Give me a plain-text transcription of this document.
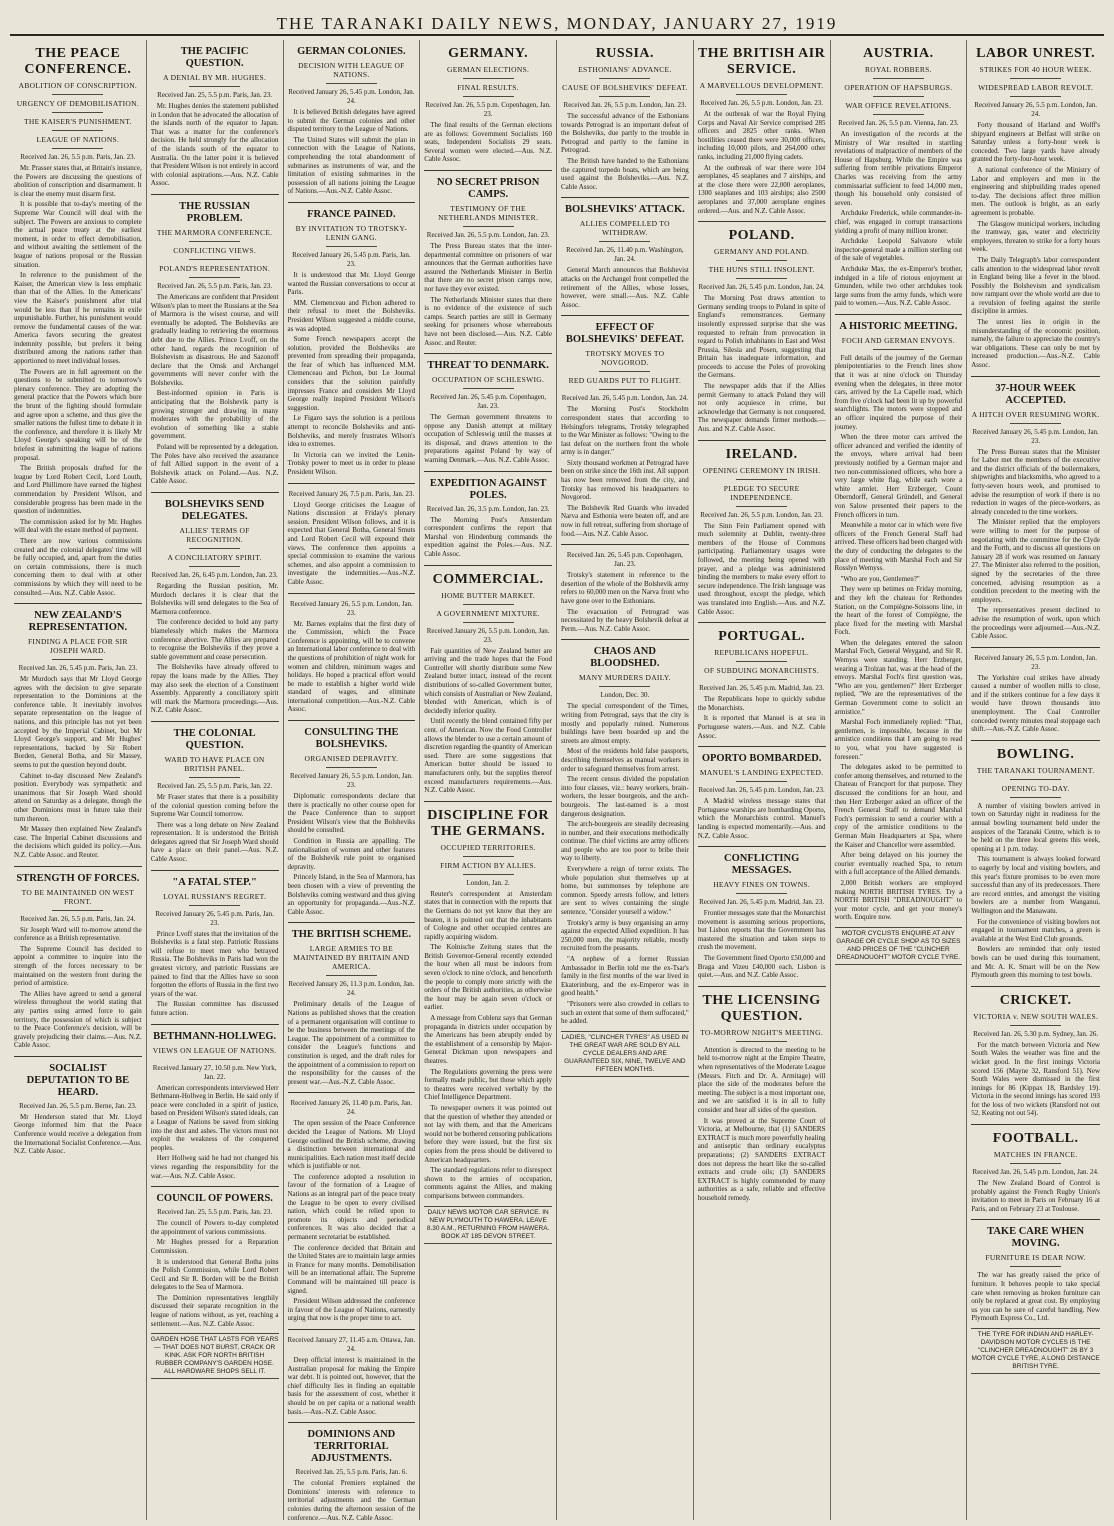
THE TARANAKI DAILY NEWS, MONDAY, JANUARY 27, 1919
THE PEACE CONFERENCE.
ABOLITION OF CONSCRIPTION.
URGENCY OF DEMOBILISATION.
THE KAISER'S PUNISHMENT.
LEAGUE OF NATIONS.
Received Jan. 26, 5.5 p.m. Paris, Jan. 23.

Mr. Prasser states that, at Britain's instance, the Powers are discussing the questions of abolition of conscription and disarmament. It is clear the enemy must disarm first.

It is possible that to-day's meeting of the Supreme War Council will deal with the subject. The Powers are anxious to complete the actual peace treaty at the earliest moment, in order to effect demobilisation, and without awaiting the settlement of the league of nations proposal or the Russian situation.

In reference to the punishment of the Kaiser, the American view is less emphatic than that of the Allies. In the Americans' view the Kaiser's punishment after trial would be less than if he remains in exile unpunishable. Further, his punishment would remove the fundamental causes of the war. America favors securing the greatest indemnity possible, but prefers it being distributed among the nations rather than apportioned to meet individual losses.

The Powers are in full agreement on the questions to be submitted to tomorrow's plenary conference. They are adopting the general practice that the Powers which bore the brunt of the fighting should formulate and agree upon a scheme, and thus give the smaller nations the fullest time to debate it in the conference, and therefore it is likely Mr Lloyd George's speaking will be of the briefest in submitting the league of nations proposal.

The British proposals drafted for the league by Lord Robert Cecil, Lord Louth, and Lord Phillimore have earned the highest commendation by President Wilson, and considerable progress has been made in the question of indemnities.

The commission asked for by Mr. Hughes will deal with the estate method of payment.

There are now various commissions created and the colonial delegates' time will be fully occupied, and, apart from the duties on certain commissions, there is much concerning them to deal with at other commissions by which they will need to be consulted.—Aus. N.Z. Cable Assoc.

NEW ZEALAND'S REPRESENTATION.
FINDING A PLACE FOR SIR JOSEPH WARD.
Received Jan. 26, 5.45 p.m. Paris, Jan. 23.

Mr Murdoch says that Mr Lloyd George agrees with the decision to give separate representation to the Dominions at the conference table. It inevitably involves separate representation on the league of nations, and this principle has not yet been accepted by the Imperial Cabinet, but Mr Lloyd George's support, and Mr Hughes' representations, backed by Sir Robert Borden, General Botha, and Sir Massey, seems to put the question beyond doubt.

Cabinet to-day discussed New Zealand's position. Everybody was sympathetic and unanimous that Sir Joseph Ward should attend on Saturday as a delegate, though the other Dominions must in future take their turn thereon.

Mr Massey then explained New Zealand's case. The Imperial Cabinet discussions and the decisions which guided its policy.—Aus. N.Z. Cable Assoc. and Reuter.

STRENGTH OF FORCES.
TO BE MAINTAINED ON WEST FRONT.
Received Jan. 26, 5.5 p.m. Paris, Jan. 24.

Sir Joseph Ward will to-morrow attend the conference as a British representative.

The Supreme Council has decided to appoint a committee to inquire into the strength of the forces necessary to be maintained on the western front during the period of armistice.

The Allies have agreed to send a general wireless throughout the world stating that any parties using armed force to gain territory, the possession of which is subject to the Peace Conference's decision, will be gravely prejudicing their claims.—Aus. N.Z. Cable Assoc.

SOCIALIST DEPUTATION TO BE HEARD.
Received Jan. 26, 5.5 p.m. Berne, Jan. 23.

Mr Henderson stated that Mr. Lloyd George informed him that the Peace Conference would receive a delegation from the International Socialist Conference.—Aus. N.Z. Cable Assoc.

THE PACIFIC QUESTION.
A DENIAL BY MR. HUGHES.
Received Jan. 25, 5.5 p.m. Paris, Jan. 23.

Mr. Hughes denies the statement published in London that he advocated the allocation of the islands north of the equator to Japan. That was a matter for the conference's decision. He held strongly for the allocation of the islands south of the equator to Australia. On the latter point it is believed that President Wilson is not entirely in accord with colonial aspirations.—Aus. N.Z. Cable Assoc.

THE RUSSIAN PROBLEM.
THE MARMORA CONFERENCE.
CONFLICTING VIEWS.
POLAND'S REPRESENTATION.
Received Jan. 26, 5.5 p.m. Paris, Jan. 23.

The Americans are confident that President Wilson's plan to meet the Russians at the Sea of Marmora is the wisest course, and will eventually be adopted. The Bolsheviks are gradually leading to retrieving the enormous debt due to the Allies. Prince Lvoff, on the other hand, regards the recognition of Bolshevism as disastrous. He and Sazonoff declare that the Omsk and Archangel governments will never confer with the Bolsheviks.

Best-informed opinion in Paris is anticipating that the Bolshevik party is growing stronger and drawing in many moderates with the probability of the evolution of something like a stable government.

Poland will be represented by a delegation. The Poles have also received the assurance of full Allied support in the event of a Bolshevik attack on Poland.—Aus. N.Z. Cable Assoc.

BOLSHEVIKS SEND DELEGATES.
ALLIES' TERMS OF RECOGNITION.
A CONCILIATORY SPIRIT.
Received Jan. 26, 6.45 p.m. London, Jan. 23.

Regarding the Russian position, Mr. Murdoch declares it is clear that the Bolsheviks will send delegates to the Sea of Marmora conference.

The conference decided to hold any party blamelessly which makes the Marmora conference abortive. The Allies are prepared to recognise the Bolsheviks if they prove a stable government and cease persecution.

The Bolsheviks have already offered to repay the loans made by the Allies. They may also seek the election of a Constituent Assembly. Apparently a conciliatory spirit will mark the Marmora proceedings.—Aus. N.Z. Cable Assoc.

THE COLONIAL QUESTION.
WARD TO HAVE PLACE ON BRITISH PANEL.
Received Jan. 25, 5.5 p.m. Paris, Jan. 22.

Mr Fraser states that there is a possibility of the colonial question coming before the Supreme War Council tomorrow.

There was a long debate on New Zealand representation. It is understood the British delegates agreed that Sir Joseph Ward should have a place on their panel.—Aus. N.Z. Cable Assoc.

"A FATAL STEP."
LOYAL RUSSIAN'S REGRET.
Received January 26, 5.45 p.m. Paris, Jan. 23.

Prince Lvoff states that the invitation of the Bolsheviks is a fatal step. Patriotic Russians will refuse to meet men who betrayed Russia. The Bolsheviks in Paris had won the greatest victory, and patriotic Russians are pained to find that the Allies have so soon forgotten the efforts of Russia in the first two years of the war.

The Russian committee has discussed future action.

BETHMANN-HOLLWEG.
VIEWS ON LEAGUE OF NATIONS.
Received January 27, 10.50 p.m. New York, Jan. 22.

American correspondents interviewed Herr Bethmann-Hollweg in Berlin. He said only if peace were concluded in a spirit of justice, based on President Wilson's stated ideals, can a League of Nations be saved from sinking into the dust and ashes. The victors must not exploit the weakness of the conquered peoples.

Herr Hollweg said he had not changed his views regarding the responsibility for the war.—Aus. N.Z. Cable Assoc.

COUNCIL OF POWERS.
Received Jan. 25, 5.5 p.m. Paris, Jan. 23.

The council of Powers to-day completed the appointment of various commissions.

Mr Hughes pressed for a Reparation Commission.

It is understood that General Botha joins the Polish Commission, while Lord Robert Cecil and Sir R. Borden will be the British delegates to the Sea of Marmora.

The Dominion representatives lengthily discussed their separate recognition in the league of nations without, as yet, reaching a settlement.—Aus. N.Z. Cable Assoc.

GARDEN HOSE THAT LASTS FOR YEARS — THAT DOES NOT BURST, CRACK OR KINK. ASK FOR NORTH BRITISH RUBBER COMPANY'S GARDEN HOSE. ALL HARDWARE SHOPS SELL IT.
GERMAN COLONIES.
DECISION WITH LEAGUE OF NATIONS.
Received January 26, 5.45 p.m. London, Jan. 24.

It is believed British delegates have agreed to submit the German colonies and other disputed territory to the League of Nations.

The United States will submit the plan in connection with the League of Nations, comprehending the total abandonment of submarines as instruments of war, and the limitation of existing submarines in the possession of all nations joining the League of Nations.—Aus.-N.Z. Cable Assoc.

FRANCE PAINED.
BY INVITATION TO TROTSKY-LENIN GANG.
Received January 26, 5.45 p.m. Paris, Jan. 23.

It is understood that Mr. Lloyd George wanted the Russian conversations to occur at Paris.

MM. Clemenceau and Pichon adhered to their refusal to meet the Bolsheviks. President Wilson suggested a middle course, as was adopted.

Some French newspapers accept the solution, provided the Bolsheviks are prevented from spreading their propaganda, the fear of which has influenced M.M. Clemenceau and Pichon, but Le Journal considers that the solution painfully impresses France and considers Mr Lloyd George really inspired President Wilson's suggestion.

Le Figaro says the solution is a perilous attempt to reconcile Bolsheviks and anti-Bolsheviks, and merely frustrates Wilson's idea to extremes.

In Victoria can we invited the Lenin-Trotsky power to meet us in order to please President Wilson.

Received January 26, 7.5 p.m. Paris, Jan. 23.

Lloyd George criticises the League of Nations discussion at Friday's plenary session. President Wilson follows, and it is expected that General Botha, General Smuts and Lord Robert Cecil will expound their views. The conference then appoints a special commission to examine the various schemes, and also appoint a commission to investigate the indemnities.—Aus.-N.Z. Cable Assoc.

Received January 26, 5.5 p.m. London, Jan. 23.

Mr. Barnes explains that the first duty of the Commission, which the Peace Conference is appointing, will be to convene an International labor conference to deal with the questions of prohibition of night work for women and children, minimum wages and holidays. He hoped a practical effort would be made to establish a higher world wide standard of wages, and eliminate international competition.—Aus.-N.Z. Cable Assoc.

CONSULTING THE BOLSHEVIKS.
ORGANISED DEPRAVITY.
Received January 26, 5.5 p.m. London, Jan. 23.

Diplomatic correspondents declare that there is practically no other course open for the Peace Conference than to support President Wilson's view that the Bolsheviks should be consulted.

Condition in Russia are appalling. The nationalisation of women and other features of the Bolshevik rule point to organised depravity.

Princely Island, in the Sea of Marmora, has been chosen with a view of preventing the Bolsheviks coming westward and thus giving an opportunity for propaganda.—Aus.-N.Z. Cable Assoc.

THE BRITISH SCHEME.
LARGE ARMIES TO BE MAINTAINED BY BRITAIN AND AMERICA.
Received January 26, 11.3 p.m. London, Jan. 24.

Preliminary details of the League of Nations as published shows that the creation of a permanent organisation will continue to be the business between the meetings of the League. The appointment of a committee to consider the League's functions and constitution is urged, and the draft rules for the appointment of a commission to report on the responsibility for the causes of the present war.—Aus.-N.Z. Cable Assoc.

Received January 26, 11.40 p.m. Paris, Jan. 24.

The open session of the Peace Conference decided the League of Nations. Mr Lloyd George outlined the British scheme, drawing a distinction between international and municipalities. Each nation must itself decide which is justifiable or not.

The conference adopted a resolution in favour of the formation of a League of Nations as an integral part of the peace treaty the League to be open to every civilised nation, which could be relied upon to promote its objects and periodical conferences. It was also decided that a permanent secretariat be established.

The conference decided that Britain and the United States are to maintain large armies in France for many months. Demobilisation will be an international affair. The Supreme Command will be maintained till peace is signed.

President Wilson addressed the conference in favour of the League of Nations, earnestly urging that now is the proper time to act.

Received January 27, 11.45 a.m. Ottawa, Jan. 24.

Deep official interest is maintained in the Australian proposal for making the Empire war debt. It is pointed out, however, that the chief difficulty lies in finding an equitable basis for the assessment of cost, whether it should be on per capita or a national wealth basis.—Aus.-N.Z. Cable Assoc.

DOMINIONS AND TERRITORIAL ADJUSTMENTS.
Received Jan. 25, 5.5 p.m. Paris, Jan. 6.

The colonial Premiers explained the Dominions' interests with reference to territorial adjustments and the German colonies during the afternoon session of the conference.—Aus. N.Z. Cable Assoc.

GERMANY.
GERMAN ELECTIONS.
FINAL RESULTS.
Received Jan. 26, 5.5 p.m. Copenhagen, Jan. 23.

The final results of the German elections are as follows: Government Socialists 160 seats, Independent Socialists 29 seats. Several women were elected.—Aus. N.Z. Cable Assoc.

NO SECRET PRISON CAMPS.
TESTIMONY OF THE NETHERLANDS MINISTER.
Received Jan. 26, 5.5 p.m. London, Jan. 23.

The Press Bureau states that the inter-departmental committee on prisoners of war announces that the German authorities have assured the Netherlands Minister in Berlin that there are no secret prison camps now, nor have they ever existed.

The Netherlands Minister states that there is no evidence of the existence of such camps. Search parties are still in Germany seeking for prisoners whose whereabouts have not been disclosed.—Aus. N.Z. Cable Assoc. and Reuter.

THREAT TO DENMARK.
OCCUPATION OF SCHLESWIG.
Received Jan. 26, 5.45 p.m. Copenhagen, Jan. 23.

The German government threatens to oppose any Danish attempt at military occupation of Schleswig until the masses at its disposal, and draws attention to the preparations against Poland by way of warning Denmark.—Aus. N.Z. Cable Assoc.

EXPEDITION AGAINST POLES.
Received Jan. 26, 3.5 p.m. London, Jan. 23.

The Morning Post's Amsterdam correspondent confirms the report that Marshal von Hindenburg commands the expedition against the Poles.—Aus. N.Z. Cable Assoc.

COMMERCIAL.
HOME BUTTER MARKET.
A GOVERNMENT MIXTURE.
Received January 26, 5.5 p.m. London, Jan. 23.

Fair quantities of New Zealand butter are arriving and the trade hopes that the Food Controller will shortly distribute some New Zealand butter intact, instead of the recent distributions of so-called Government butter, which consists of Australian or New Zealand, blended with American, which is of decidedly inferior quality.

Until recently the blend contained fifty per cent. of American. Now the Food Controller allows the blender to use a certain amount of discretion regarding the quantity of American used. There are some suggestions that American butter should be issued to manufacturers only, but the supplies thereof exceed manufacturers requirements.—Aus. N.Z. Cable Assoc.

DISCIPLINE FOR THE GERMANS.
OCCUPIED TERRITORIES.
FIRM ACTION BY ALLIES.
London, Jan. 2.

Reuter's correspondent at Amsterdam states that in connection with the reports that the Germans do not yet know that they are beaten, it is pointed out that the inhabitants of Cologne and other occupied centres are rapidly acquiring wisdom.

The Kolnische Zeitung states that the British Governor-General recently extended the hour when all must be indoors from seven o'clock to nine o'clock, and henceforth the people to comply more strictly with the orders of the British authorities, as otherwise the hour may be again seven o'clock or earlier.

A message from Coblenz says that German propaganda in districts under occupation by the Americans has been abruptly ended by the establishment of a censorship by Major-General Dickman upon newspapers and theatres.

The Regulations governing the press were formally made public, but those which apply to theatres were received verbally by the Chief Intelligence Department.

To newspaper owners it was pointed out that the question of whether they attended or not lay with them, and that the Americans would not be bothered censoring publications before they were issued, but the first six copies from the press should be delivered to American headquarters.

The standard regulations refer to disrespect shown to the armies of occupation, comments against the Allies, and making comparisons between commanders.

DAILY NEWS MOTOR CAR SERVICE. IN NEW PLYMOUTH TO HAWERA. LEAVE 8.30 A.M., RETURNING FROM HAWERA. BOOK AT 185 DEVON STREET.
RUSSIA.
ESTHONIANS' ADVANCE.
CAUSE OF BOLSHEVIKS' DEFEAT.
Received Jan. 26, 5.5 p.m. London, Jan. 23.

The successful advance of the Esthonians towards Petrograd is an important defeat of the Bolsheviks, due partly to the trouble in Petrograd and partly to the famine in Petrograd.

The British have handed to the Esthonians the captured torpedo boats, which are being used against the Bolsheviks.—Aus. N.Z. Cable Assoc.

BOLSHEVIKS' ATTACK.
ALLIES COMPELLED TO WITHDRAW.
Received Jan. 26, 11.40 p.m. Washington, Jan. 24.

General March announces that Bolshevist attacks on the Archangel front compelled the retirement of the Allies, whose losses, however, were small.—Aus. N.Z. Cable Assoc.

EFFECT OF BOLSHEVIKS' DEFEAT.
TROTSKY MOVES TO NOVGOROD.
RED GUARDS PUT TO FLIGHT.
Received Jan. 26, 5.45 p.m. London, Jan. 24.

The Morning Post's Stockholm correspondent states that according to Helsingfors telegrams, Trotsky telegraphed to the War Minister as follows: "Owing to the last defeat on the northern front the whole army is in danger."

Sixty thousand workmen at Petrograd have been on strike since the 16th inst. All support has now been removed from the city, and Trotsky has removed his headquarters to Novgorod.

The Bolshevik Red Guards who invaded Narva and Esthonia were beaten off, and are now in full retreat, suffering from shortage of food.—Aus. N.Z. Cable Assoc.

Received Jan. 26, 5.45 p.m. Copenhagen, Jan. 23.

Trotsky's statement in reference to the desertion of the whole of the Bolshevik army refers to 60,000 men on the Narva front who have gone over to the Esthonians.

The evacuation of Petrograd was necessitated by the heavy Bolshevik defeat at Perm.—Aus. N.Z. Cable Assoc.

CHAOS AND BLOODSHED.
MANY MURDERS DAILY.
London, Dec. 30.

The special correspondent of the Times, writing from Petrograd, says that the city is mostly and popularly ruined. Numerous buildings have been boarded up and the streets are almost empty.

Most of the residents hold false passports, describing themselves as manual workers in order to safeguard themselves from arrest.

The recent census divided the population into four classes, viz.: heavy workers, brain-workers, the lesser bourgeois, and the arch-bourgeois. The last-named is a most dangerous designation.

The arch-bourgeois are steadily decreasing in number, and their executions methodically continue. The chief victims are army officers and people who are too poor to bribe their way to liberty.

Everywhere a reign of terror exists. The whole population shut themselves up at home, but summonses by telephone are common. Speedy arrests follow, and letters are sent to wives containing the single sentence, "Consider yourself a widow."

Trotsky's army is busy organising an army against the expected Allied expedition. It has 250,000 men, the majority reliable, mostly recruited from the peasants.

"A nephew of a former Russian Ambassador in Berlin told me the ex-Tsar's family in the first months of the war lived in Ekaterinburg, and the ex-Emperor was in good health."

"Prisoners were also crowded in cellars to such an extent that some of them suffocated," he added.

LADIES, "CLINCHER TYRES" AS USED IN THE GREAT WAR ARE SOLD BY ALL CYCLE DEALERS AND ARE GUARANTEED SIX, NINE, TWELVE AND FIFTEEN MONTHS.
THE BRITISH AIR SERVICE.
A MARVELLOUS DEVELOPMENT.
Received Jan. 26, 5.5 p.m. London, Jan. 23.

At the outbreak of war the Royal Flying Corps and Naval Air Service comprised 285 officers and 2825 other ranks. When hostilities ceased there were 30,000 officers, including 10,000 pilots, and 264,000 other ranks, including 21,000 flying cadets.

At the outbreak of war there were 104 aeroplanes, 45 seaplanes and 7 airships, and at the close there were 22,000 aeroplanes, 1300 seaplanes and 103 airships; also 2500 aeroplanes and 37,000 aeroplane engines ordered.—Aus. and N.Z. Cable Assoc.

POLAND.
GERMANY AND POLAND.
THE HUNS STILL INSOLENT.
Received Jan. 26, 5.45 p.m. London, Jan. 24.

The Morning Post draws attention to Germany sending troops to Poland in spite of England's remonstrances. Germany insolently expressed surprise that she was requested to refrain from provocation in regard to Polish inhabitants in East and West Prussia, Silesia and Posen, suggesting that Britain has inadequate information, and proceeds to accuse the Poles of provoking the Germans.

The newspaper adds that if the Allies permit Germany to attack Poland they will not only acquiesce in crime, but acknowledge that Germany is not conquered. The newspaper demands firmer methods.—Aus. and N.Z. Cable Assoc.

IRELAND.
OPENING CEREMONY IN IRISH.
PLEDGE TO SECURE INDEPENDENCE.
Received Jan. 26, 5.5 p.m. London, Jan. 23.

The Sinn Fein Parliament opened with much solemnity at Dublin, twenty-three members of the House of Commons participating. Parliamentary usages were followed, the meeting being opened with prayer, and a pledge was administered binding the members to make every effort to secure independence. The Irish language was used throughout, except the pledge, which was translated into English.—Aus. and N.Z. Cable Assoc.

PORTUGAL.
REPUBLICANS HOPEFUL.
OF SUBDUING MONARCHISTS.
Received Jan. 26, 5.45 p.m. Madrid, Jan. 23.

The Republicans hope to quickly subdue the Monarchists.

It is reported that Manuel is at sea in Portuguese waters.—Aus. and N.Z. Cable Assoc.

OPORTO BOMBARDED.
MANUEL'S LANDING EXPECTED.
Received Jan. 26, 5.45 p.m. London, Jan. 23.

A Madrid wireless message states that Portuguese warships are bombarding Oporto, which the Monarchists control. Manuel's landing is expected momentarily.—Aus. and N.Z. Cable Assoc.

CONFLICTING MESSAGES.
HEAVY FINES ON TOWNS.
Received Jan. 26, 5.45 p.m. Madrid, Jan. 23.

Frontier messages state that the Monarchist movement is assuming serious proportions, but Lisbon reports that the Government has mastered the situation and taken steps to crush the movement.

The Government fined Oporto £50,000 and Braga and Vizeu £40,000 each. Lisbon is quiet.—Aus. and N.Z. Cable Assoc.

THE LICENSING QUESTION.
TO-MORROW NIGHT'S MEETING.

Attention is directed to the meeting to be held to-morrow night at the Empire Theatre, when representatives of the Moderate League (Messrs. Fitch and Dr. A. Armitage) will place the side of the moderates before the meeting. The subject is a most important one, and we are satisfied it is in all to fully consider and hear all sides of the question.

It was proved at the Supreme Court of Victoria, at Melbourne, that (1) SANDERS EXTRACT is much more powerfully healing and antiseptic than ordinary eucalyptus preparations; (2) SANDERS EXTRACT does not depress the heart like the so-called extracts and crude oils; (3) SANDERS EXTRACT is highly commended by many authorities as a safe, reliable and effective household remedy.

AUSTRIA.
ROYAL ROBBERS.
OPERATION OF HAPSBURGS.
WAR OFFICE REVELATIONS.
Received Jan. 26, 5.5 p.m. Vienna, Jan. 23.

An investigation of the records at the Ministry of War resulted in startling revelations of malpractice of members of the House of Hapsburg. While the Empire was suffering from terrible privations Emperor Charles was receiving from the army commissariat sufficient to feed 14,000 men, though his household only consisted of seven.

Archduke Frederick, while commander-in-chief, was engaged in corrupt transactions yielding a profit of many million kroner.

Archduke Leopold Salvatore while inspector-general made a million sterling out of the sale of vegetables.

Archduke Max, the ex-Emperor's brother, indulged in a life of riotous enjoyment at Gmunden, while two other archdukes took large sums from the army funds, which were paid to women.—Aus. N.Z. Cable Assoc.

A HISTORIC MEETING.
FOCH AND GERMAN ENVOYS.

Full details of the journey of the German plenipotentiaries to the French lines show that it was at nine o'clock on Thursday evening when the delegates, in three motor cars, arrived by the La Capelle road, which from five o'clock had been lit up by powerful searchlights. The motors were stopped and an officer inquired the purpose of their journey.

When the three motor cars arrived the officer advanced and verified the identity of the envoys, where arrival had been previously notified by a German major and two non-commissioned officers, who bore a very large white flag, while each wore a white armlet. Herr Erzberger, Count Oberndorff, General Gründell, and General von Salow presented their papers to the French officers in turn.

Meanwhile a motor car in which were five officers of the French General Staff had arrived. These officers had been charged with the duty of conducting the delegates to the place of meeting with Marshal Foch and Sir Rosslyn Wemyss.

"Who are you, Gentlemen?"

They were up betimes on Friday morning, and they left the chateau for Rethondes Station, on the Compiègne-Soissons line, in the heart of the forest of Compiègne, the place fixed for the meeting with Marshal Foch.

When the delegates entered the saloon Marshal Foch, General Weygand, and Sir R. Wemyss were standing. Herr Erzberger, wearing a Trolzan hat, was at the head of the envoys. Marshal Foch's first question was, "Who are you, gentlemen?" Herr Erzberger replied, "We are the representatives of the German Government come to solicit an armistice."

Marshal Foch immediately replied: "That, gentlemen, is impossible, because in the armistice conditions that I am going to read to you, what you have suggested is foreseen."

The delegates asked to be permitted to confer among themselves, and returned to the Chateau of Francport for that purpose. They discussed the conditions for an hour, and then Herr Erzberger asked an officer of the French General Staff to demand Marshal Foch's permission to send a courier with a copy of the armistice conditions to the German Main Headquarters at Spa, where the Kaiser and Chancellor were assembled.

After being delayed on his journey the courier eventually reached Spa, to return with a full acceptance of the Allied demands.

2,000 British workers are employed making NORTH BRITISH TYRES. Try a NORTH BRITISH "DREADNOUGHT" to your motor cycle, and get your money's worth. Enquire now.

MOTOR CYCLISTS ENQUIRE AT ANY GARAGE OR CYCLE SHOP AS TO SIZES AND PRICES OF THE "CLINCHER DREADNOUGHT" MOTOR CYCLE TYRE.
LABOR UNREST.
STRIKES FOR 40 HOUR WEEK.
WIDESPREAD LABOR REVOLT.
Received January 26, 5.5 p.m. London, Jan. 24.

Forty thousand of Harland and Wolff's shipyard engineers at Belfast will strike on Saturday unless a forty-hour week is conceded. Two large yards have already granted the forty-four-hour week.

A national conference of the Ministry of Labor and employers and men in the engineering and shipbuilding trades opened to-day. The decisions affect three million men. The outlook is bright, as an early agreement is probable.

The Glasgow municipal workers, including the tramway, gas, water and electricity employees, threaten to strike for a forty hours week.

The Daily Telegraph's labor correspondent calls attention to the widespread labor revolt in England being like a fever in the blood. Possibly the Bolshevism and syndicalism now rampant over the whole world are due to a revulsion of feeling against the sterile discipline in armies.

The unrest lies in origin in the misunderstanding of the economic position, namely, the failure to appreciate the country's war obligations. These can only be met by increased production.—Aus.-N.Z. Cable Assoc.

37-HOUR WEEK ACCEPTED.
A HITCH OVER RESUMING WORK.
Received January 26, 5.45 p.m. London, Jan. 23.

The Press Bureau states that the Minister for Labor met the members of the executive and the district officials of the boilermakers, shipwrights and blacksmiths, who agreed to a forty-seven hours week, and promised to advise the resumption of work if there is no reduction in wages of the piece-workers, as already conceded to the time workers.

The Minister replied that the employers were willing to meet for the purpose of negotiating with the committee for the Clyde and the Forth, and to discuss all questions on January 28 if work was resumed on January 27. The Minister also referred to the position, signed by the secretaries of the three concerned, advising resumption as a condition precedent to the meeting with the employers.

The representatives present declined to advise the resumption of work, upon which the proceedings were adjourned.—Aus.-N.Z. Cable Assoc.

Received January 26, 5.5 p.m. London, Jan. 23.

The Yorkshire coal strikes have already caused a number of woollen mills to close, and if the strikers continue for a few days it would have thrown thousands into unemployment. The Coal Controller conceded twenty minutes meal stoppage each shift.—Aus.-N.Z. Cable Assoc.

BOWLING.
THE TARANAKI TOURNAMENT.
OPENING TO-DAY.

A number of visiting bowlers arrived in town on Saturday night in readiness for the annual bowling tournament held under the auspices of the Taranaki Centre, which is to be held on the three local greens this week, opening at 1 p.m. today.

This tournament is always looked forward to eagerly by local and visiting bowlers, and this year's fixture promises to be even more successful than any of its predecessors. There are record entries, and amongst the visiting bowlers are a number from Wanganui, Wellington and the Manawatu.

For the convenience of visiting bowlers not engaged in tournament matches, a green is available at the West End Club grounds.

Bowlers are reminded that only tested bowls can be used during this tournament, and Mr. A. K. Smart will be on the New Plymouth green this morning to test bowls.

CRICKET.
VICTORIA v. NEW SOUTH WALES.
Received Jan. 26, 5.30 p.m. Sydney, Jan. 26.

For the match between Victoria and New South Wales the weather was fine and the wicket good. In the first innings Victoria scored 156 (Mayne 32, Ransford 51). New South Wales were dismissed in the first innings for 86 (Kippax 18, Bardsley 19). Victoria in the second innings has scored 193 for the loss of two wickets (Ransford not out 52, Keating not out 54).

FOOTBALL.
MATCHES IN FRANCE.
Received Jan. 26, 5.45 p.m. London, Jan. 24.

The New Zealand Board of Control is probably against the French Rugby Union's invitation to meet in Paris on February 16 at Paris, and on February 23 at Toulouse.

TAKE CARE WHEN MOVING.
FURNITURE IS DEAR NOW.

The war has greatly raised the price of furniture. It behoves people to take special care when removing as broken furniture can only be replaced at great cost. By employing us you can be sure of careful handling. New Plymouth Express Co., Ltd.

THE TYRE FOR INDIAN AND HARLEY-DAVIDSON MOTOR CYCLES IS THE "CLINCHER DREADNOUGHT" 26 BY 3 MOTOR CYCLE TYRE, A LONG DISTANCE BRITISH TYRE.
